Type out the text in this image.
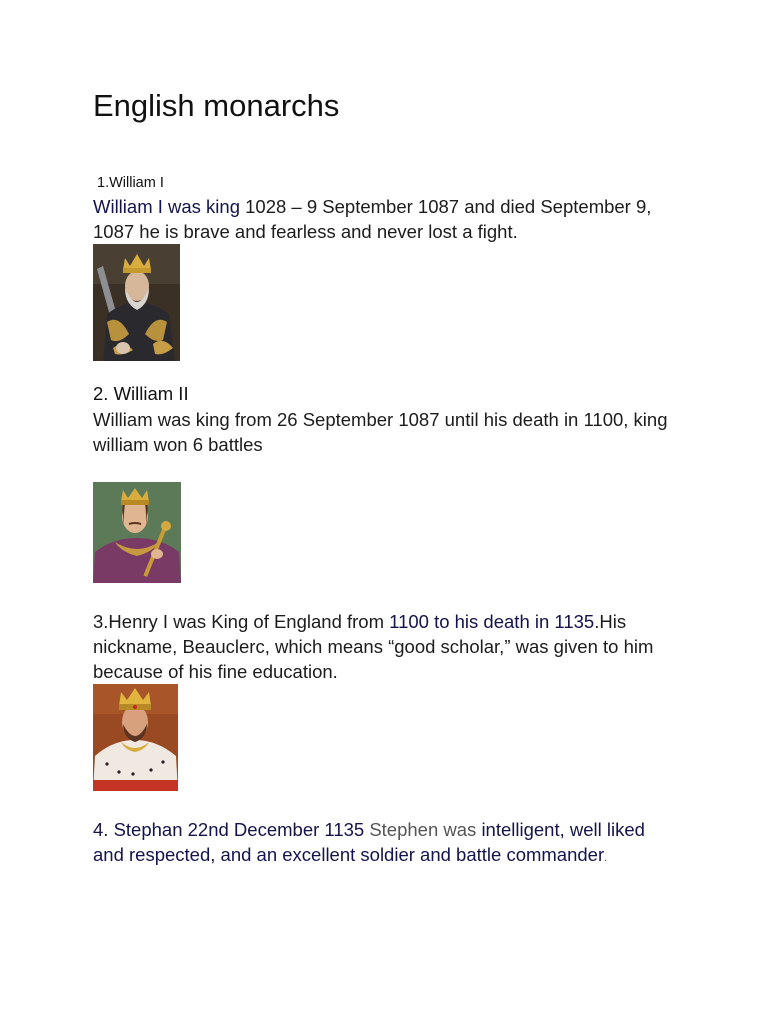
English monarchs
1.William I

William I was king 1028 – 9 September 1087 and died September 9, 1087 he is brave and fearless and never lost a fight.

2. William II

William was king from 26 September 1087 until his death in 1100, king william won 6 battles

3.Henry I was King of England from 1100 to his death in 1135.His nickname, Beauclerc, which means “good scholar,” was given to him because of his fine education.

4. Stephan 22nd December 1135 Stephen was intelligent, well liked and respected, and an excellent soldier and battle commander.
